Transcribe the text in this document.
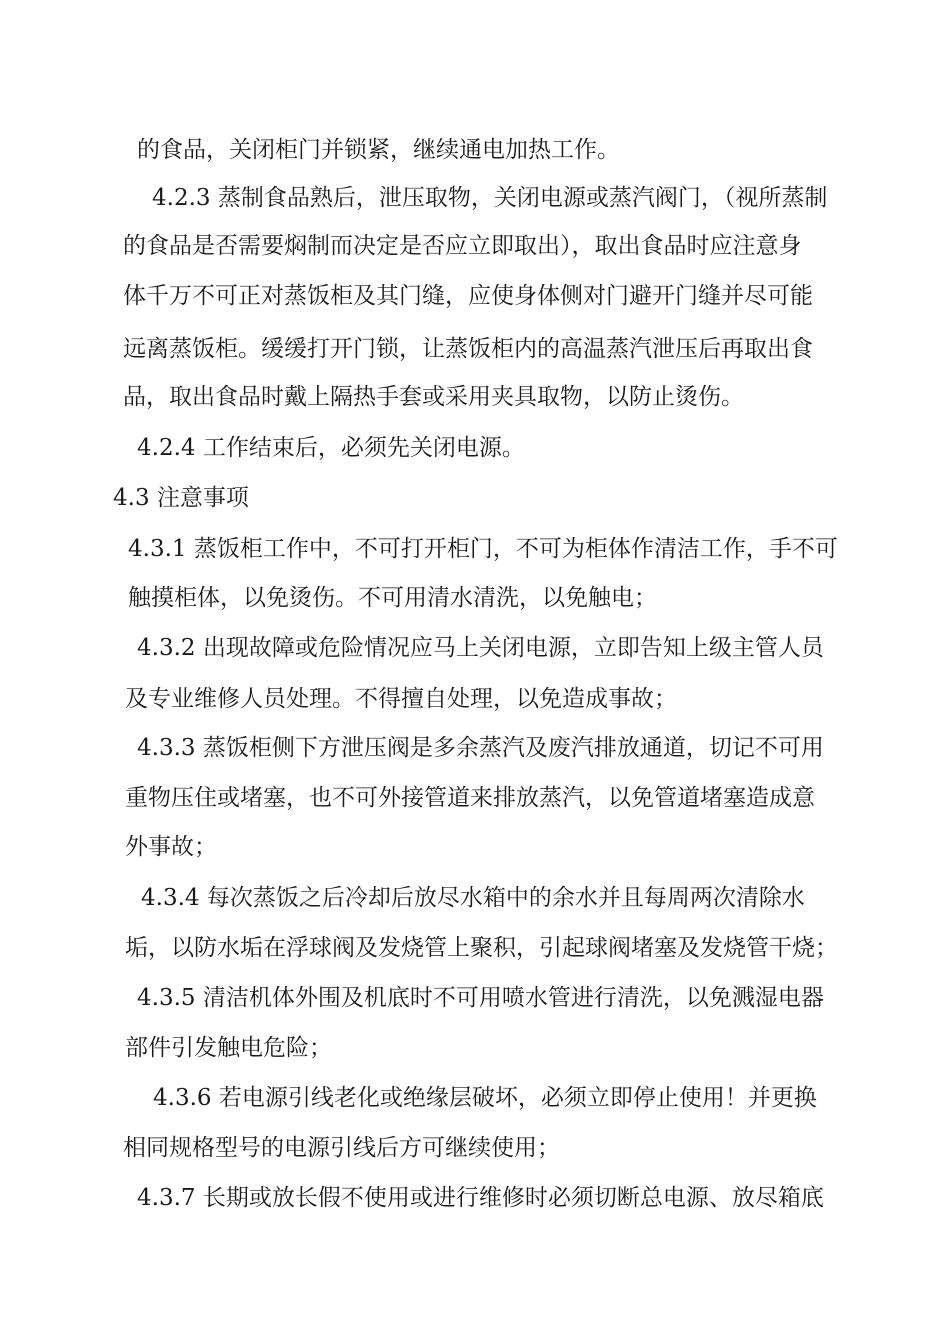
的食品，关闭柜门并锁紧，继续通电加热工作。
4.2.3 蒸制食品熟后，泄压取物，关闭电源或蒸汽阀门，（视所蒸制
的食品是否需要焖制而决定是否应立即取出），取出食品时应注意身
体千万不可正对蒸饭柜及其门缝，应使身体侧对门避开门缝并尽可能
远离蒸饭柜。缓缓打开门锁，让蒸饭柜内的高温蒸汽泄压后再取出食
品，取出食品时戴上隔热手套或采用夹具取物，以防止烫伤。
4.2.4 工作结束后，必须先关闭电源。
4.3 注意事项
4.3.1 蒸饭柜工作中，不可打开柜门，不可为柜体作清洁工作，手不可
触摸柜体，以免烫伤。不可用清水清洗，以免触电；
4.3.2 出现故障或危险情况应马上关闭电源，立即告知上级主管人员
及专业维修人员处理。不得擅自处理，以免造成事故；
4.3.3 蒸饭柜侧下方泄压阀是多余蒸汽及废汽排放通道，切记不可用
重物压住或堵塞，也不可外接管道来排放蒸汽，以免管道堵塞造成意
外事故；
4.3.4 每次蒸饭之后冷却后放尽水箱中的余水并且每周两次清除水
垢，以防水垢在浮球阀及发烧管上聚积，引起球阀堵塞及发烧管干烧；
4.3.5 清洁机体外围及机底时不可用喷水管进行清洗，以免溅湿电器
部件引发触电危险；
4.3.6 若电源引线老化或绝缘层破坏，必须立即停止使用！并更换
相同规格型号的电源引线后方可继续使用；
4.3.7 长期或放长假不使用或进行维修时必须切断总电源、放尽箱底
